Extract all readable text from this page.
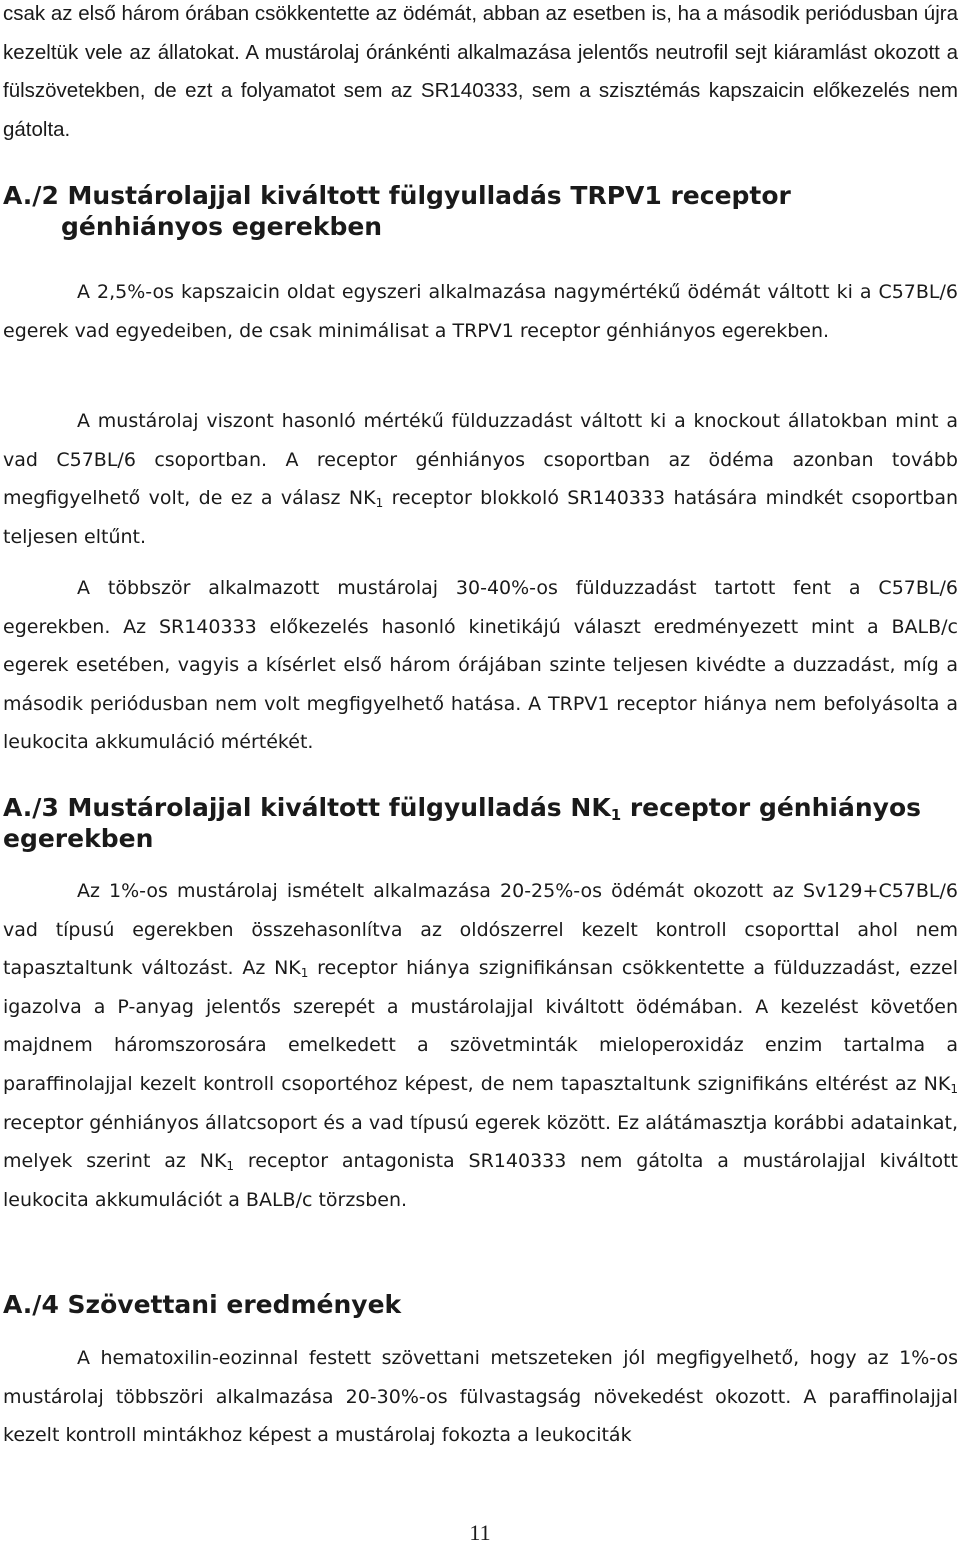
csak az első három órában csökkentette az ödémát, abban az esetben is, ha a második periódusban újra kezeltük vele az állatokat. A mustárolaj óránkénti alkalmazása jelentős neutrofil sejt kiáramlást okozott a fülszövetekben, de ezt a folyamatot sem az SR140333, sem a szisztémás kapszaicin előkezelés nem gátolta.

A./2 Mustárolajjal kiváltott fülgyulladás TRPV1 receptor
génhiányos egerekben

A 2,5%-os kapszaicin oldat egyszeri alkalmazása nagymértékű ödémát váltott ki a C57BL/6 egerek vad egyedeiben, de csak minimálisat a TRPV1 receptor génhiányos egerekben.

A mustárolaj viszont hasonló mértékű fülduzzadást váltott ki a knockout állatokban mint a vad C57BL/6 csoportban. A receptor génhiányos csoportban az ödéma azonban tovább megfigyelhető volt, de ez a válasz $NK_1$ receptor blokkoló SR140333 hatására mindkét csoportban teljesen eltűnt.

A többször alkalmazott mustárolaj 30-40%-os fülduzzadást tartott fent a C57BL/6 egerekben. Az SR140333 előkezelés hasonló kinetikájú választ eredményezett mint a BALB/c egerek esetében, vagyis a kísérlet első három órájában szinte teljesen kivédte a duzzadást, míg a második periódusban nem volt megfigyelhető hatása. A TRPV1 receptor hiánya nem befolyásolta a leukocita akkumuláció mértékét.

A./3 Mustárolajjal kiváltott fülgyulladás $NK_1$ receptor génhiányos egerekben

Az 1%-os mustárolaj ismételt alkalmazása 20-25%-os ödémát okozott az Sv129+C57BL/6 vad típusú egerekben összehasonlítva az oldószerrel kezelt kontroll csoporttal ahol nem tapasztaltunk változást. Az $NK_1$ receptor hiánya szignifikánsan csökkentette a fülduzzadást, ezzel igazolva a P-anyag jelentős szerepét a mustárolajjal kiváltott ödémában. A kezelést követően majdnem háromszorosára emelkedett a szövetminták mieloperoxidáz enzim tartalma a paraffinolajjal kezelt kontroll csoportéhoz képest, de nem tapasztaltunk szignifikáns eltérést az $NK_1$ receptor génhiányos állatcsoport és a vad típusú egerek között. Ez alátámasztja korábbi adatainkat, melyek szerint az $NK_1$ receptor antagonista SR140333 nem gátolta a mustárolajjal kiváltott leukocita akkumulációt a BALB/c törzsben.

A./4 Szövettani eredmények

A hematoxilin-eozinnal festett szövettani metszeteken jól megfigyelhető, hogy az 1%-os mustárolaj többszöri alkalmazása 20-30%-os fülvastagság növekedést okozott. A paraffinolajjal kezelt kontroll mintákhoz képest a mustárolaj fokozta a leukociták

11
